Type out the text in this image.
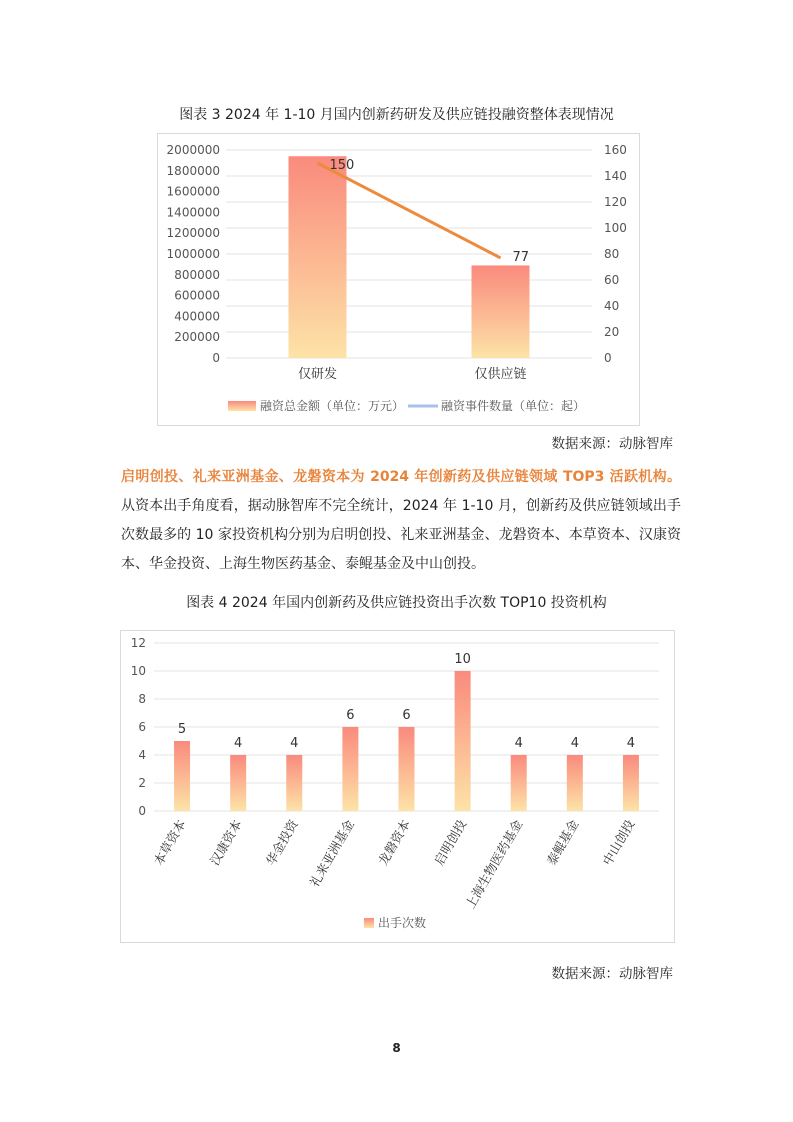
图表 3 2024 年 1-10 月国内创新药研发及供应链投融资整体表现情况
0
200000
400000
600000
800000
1000000
1200000
1400000
1600000
1800000
2000000
0
20
40
60
80
100
120
140
160
150
77
仅研发	仅供应链
融资总金额（单位：万元）	融资事件数量（单位：起）
数据来源：动脉智库

启明创投、礼来亚洲基金、龙磐资本为 2024 年创新药及供应链领域 TOP3 活跃机构。从资本出手角度看，据动脉智库不完全统计，2024 年 1-10 月，创新药及供应链领域出手次数最多的 10 家投资机构分别为启明创投、礼来亚洲基金、龙磐资本、本草资本、汉康资本、华金投资、上海生物医药基金、泰鲲基金及中山创投。

图表 4 2024 年国内创新药及供应链投资出手次数 TOP10 投资机构
0
2
4
6
8
10
12
5
本草资本
4
汉康资本
4
华金投资
6
礼来亚洲基金
6
龙磐资本
10
启明创投
4
上海生物医药基金
4
泰鲲基金
4
中山创投
出手次数
数据来源：动脉智库
8
